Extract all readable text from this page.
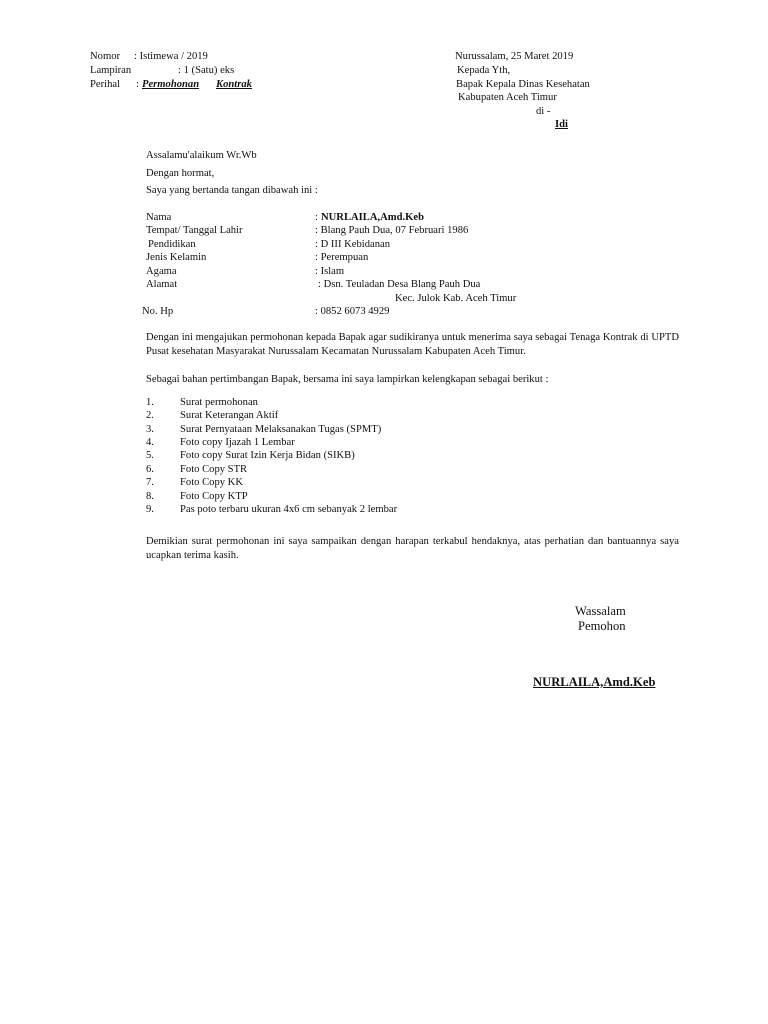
Nomor : Istimewa / 2019
Lampiran	: 1 (Satu) eks
Perihal : Permohonan Kontrak
Nurussalam, 25 Maret 2019
Kepada Yth,
Bapak Kepala Dinas Kesehatan
Kabupaten Aceh Timur
di -
Idi
Assalamu'alaikum Wr.Wb
Dengan hormat,
Saya yang bertanda tangan dibawah ini :
Nama	: NURLAILA,Amd.Keb
Tempat/ Tanggal Lahir	: Blang Pauh Dua, 07 Februari 1986
Pendidikan	: D III Kebidanan
Jenis Kelamin	: Perempuan
Agama	: Islam
Alamat	: Dsn. Teuladan Desa Blang Pauh Dua
Kec. Julok Kab. Aceh Timur
No. Hp	: 0852 6073 4929
Dengan ini mengajukan permohonan kepada Bapak agar sudikiranya untuk menerima saya sebagai Tenaga Kontrak di UPTD Pusat kesehatan Masyarakat Nurussalam Kecamatan Nurussalam Kabupaten Aceh Timur.
Sebagai bahan pertimbangan Bapak, bersama ini saya lampirkan kelengkapan sebagai berikut :
1. Surat permohonan
2. Surat Keterangan Aktif
3. Surat Pernyataan Melaksanakan Tugas (SPMT)
4. Foto copy Ijazah 1 Lembar
5. Foto copy Surat Izin Kerja Bidan (SIKB)
6. Foto Copy STR
7. Foto Copy KK
8. Foto Copy KTP
9. Pas poto terbaru ukuran 4x6 cm sebanyak 2 lembar
Demikian surat permohonan ini saya sampaikan dengan harapan terkabul hendaknya, atas perhatian dan bantuannya saya ucapkan terima kasih.
Wassalam
Pemohon
NURLAILA,Amd.Keb
